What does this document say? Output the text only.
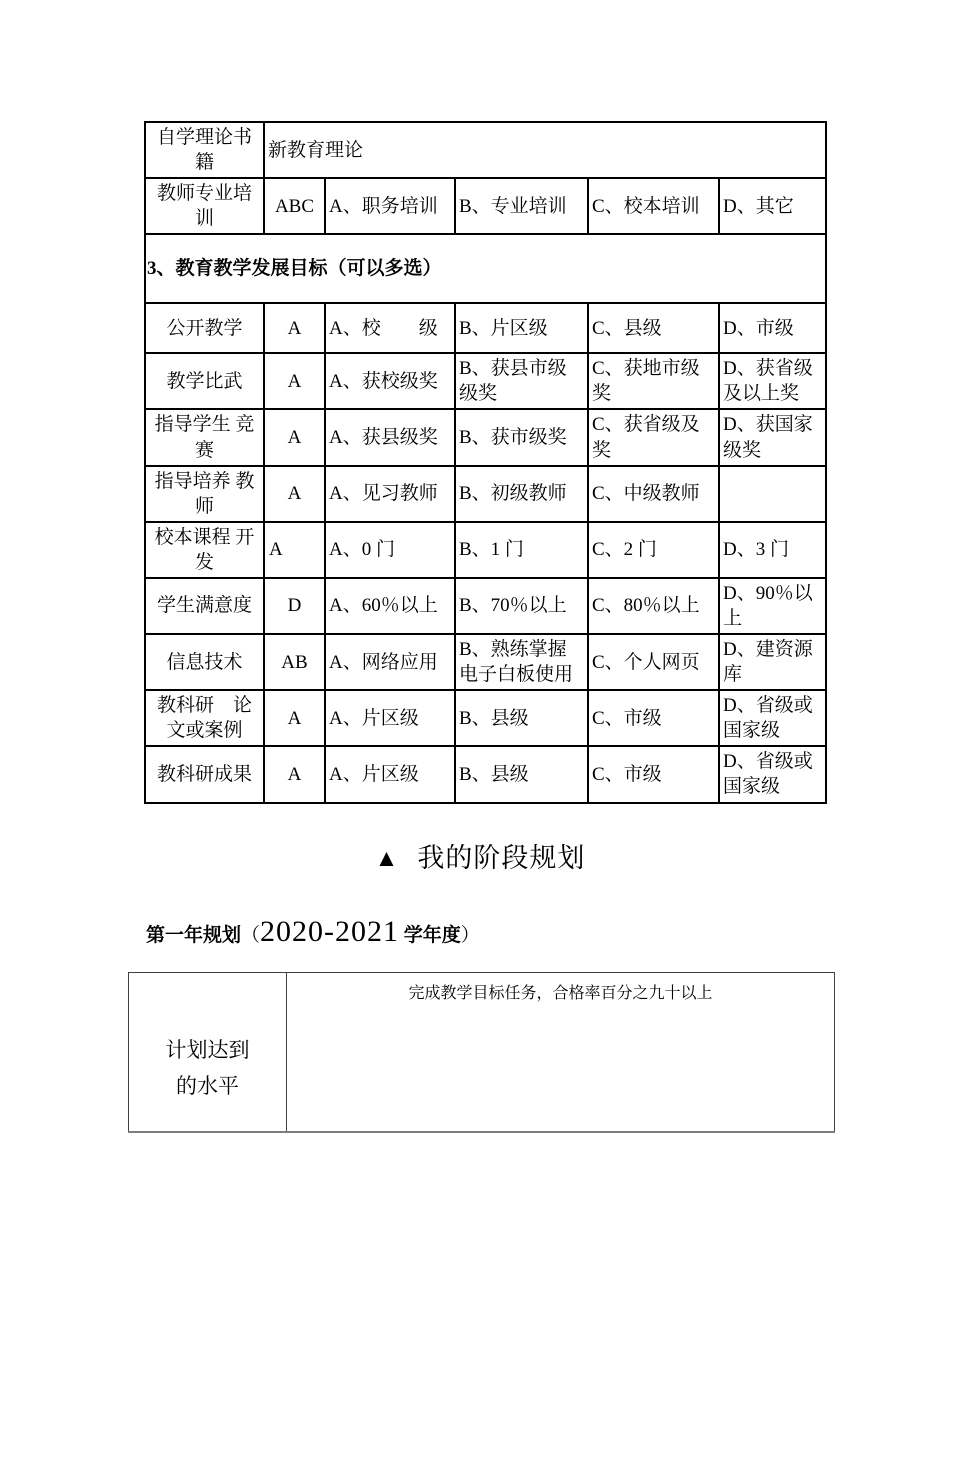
自学理论书籍	新教育理论				
教师专业培训	ABC	A、职务培训	B、专业培训	C、校本培训	D、其它
3、教育教学发展目标（可以多选）					
公开教学	A	A、校　　级	B、片区级	C、县级	D、市级
教学比武	A	A、获校级奖	B、获县市级级奖	C、获地市级奖	D、获省级及以上奖
指导学生 竞赛	A	A、获县级奖	B、获市级奖	C、获省级及奖	D、获国家级奖
指导培养 教师	A	A、见习教师	B、初级教师	C、中级教师	
校本课程 开发	A	A、0 门	B、1 门	C、2 门	D、3 门
学生满意度	D	A、60％以上	B、70％以上	C、80％以上	D、90％以上
信息技术	AB	A、网络应用	B、熟练掌握电子白板使用	C、个人网页	D、建资源库
教科研　论文或案例	A	A、片区级	B、县级	C、市级	D、省级或国家级
教科研成果	A	A、片区级	B、县级	C、市级	D、省级或国家级
▲ 我的阶段规划
第一年规划（2020-2021 学年度）
计划达到
的水平
	完成教学目标任务，合格率百分之九十以上
